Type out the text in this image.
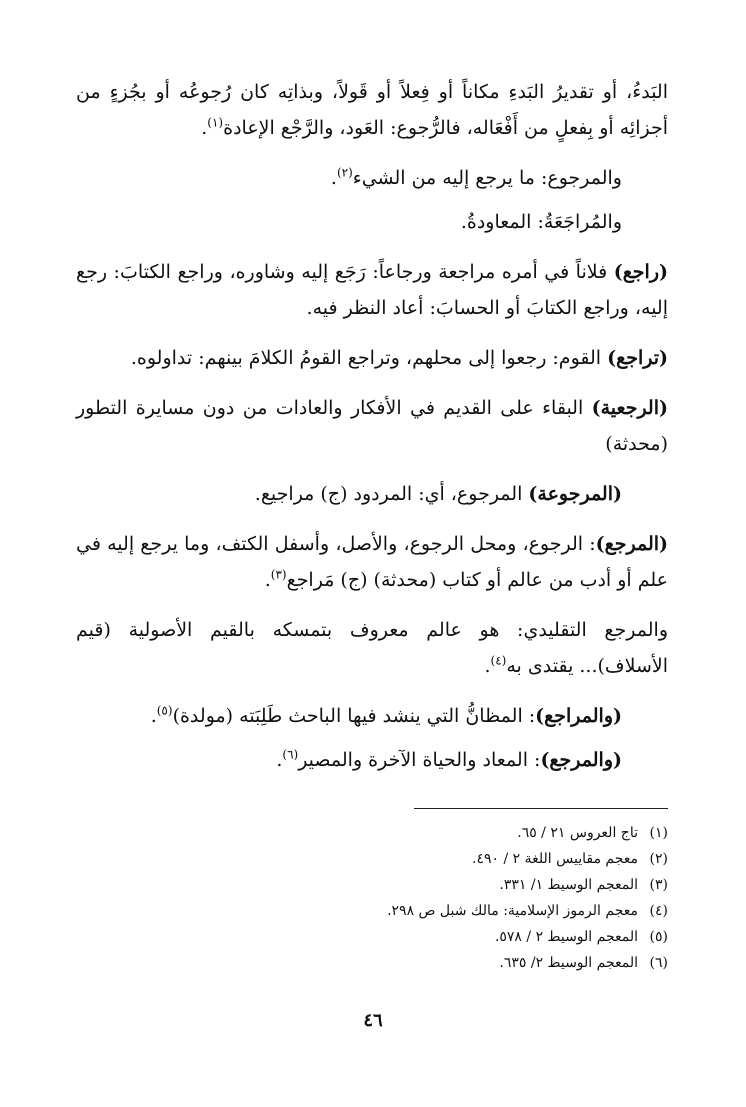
البَدءُ، أو تقديرُ البَدءِ مكاناً أو فِعلاً أو قَولاً، وبذاتِه كان رُجوعُه أو بجُزءٍ من أجزائِه أو بِفعلٍ من أَفْعَاله، فالرُّجوع: العَود، والرَّجْع الإعادة$^{(١)}$.

والمرجوع: ما يرجع إليه من الشيء$^{(٢)}$.

والمُراجَعَةُ: المعاودةُ.

(راجع) فلاناً في أمره مراجعة ورجاعاً: رَجَع إليه وشاوره، وراجع الكتابَ: رجع إليه، وراجع الكتابَ أو الحسابَ: أعاد النظر فيه.

(تراجع) القوم: رجعوا إلى محلهم، وتراجع القومُ الكلامَ بينهم: تداولوه.

(الرجعية) البقاء على القديم في الأفكار والعادات من دون مسايرة التطور (محدثة)

(المرجوعة) المرجوع، أي: المردود (ج) مراجيع.

(المرجع): الرجوع، ومحل الرجوع، والأصل، وأسفل الكتف، وما يرجع إليه في علم أو أدب من عالم أو كتاب (محدثة) (ج) مَراجع$^{(٣)}$.

والمرجع التقليدي: هو عالم معروف بتمسكه بالقيم الأصولية (قيم الأسلاف)... يقتدى به$^{(٤)}$.

(والمراجع): المظانُّ التي ينشد فيها الباحث طَلِبَته (مولدة)$^{(٥)}$.

(والمرجع): المعاد والحياة الآخرة والمصير$^{(٦)}$.

(١)تاج العروس ٢١ / ٦٥.
(٢)معجم مقاييس اللغة ٢ / ٤٩٠.
(٣)المعجم الوسيط ١/ ٣٣١.
(٤)معجم الرموز الإسلامية: مالك شبل ص ٢٩٨.
(٥)المعجم الوسيط ٢ / ٥٧٨.
(٦)المعجم الوسيط ٢/ ٦٣٥.
٤٦
